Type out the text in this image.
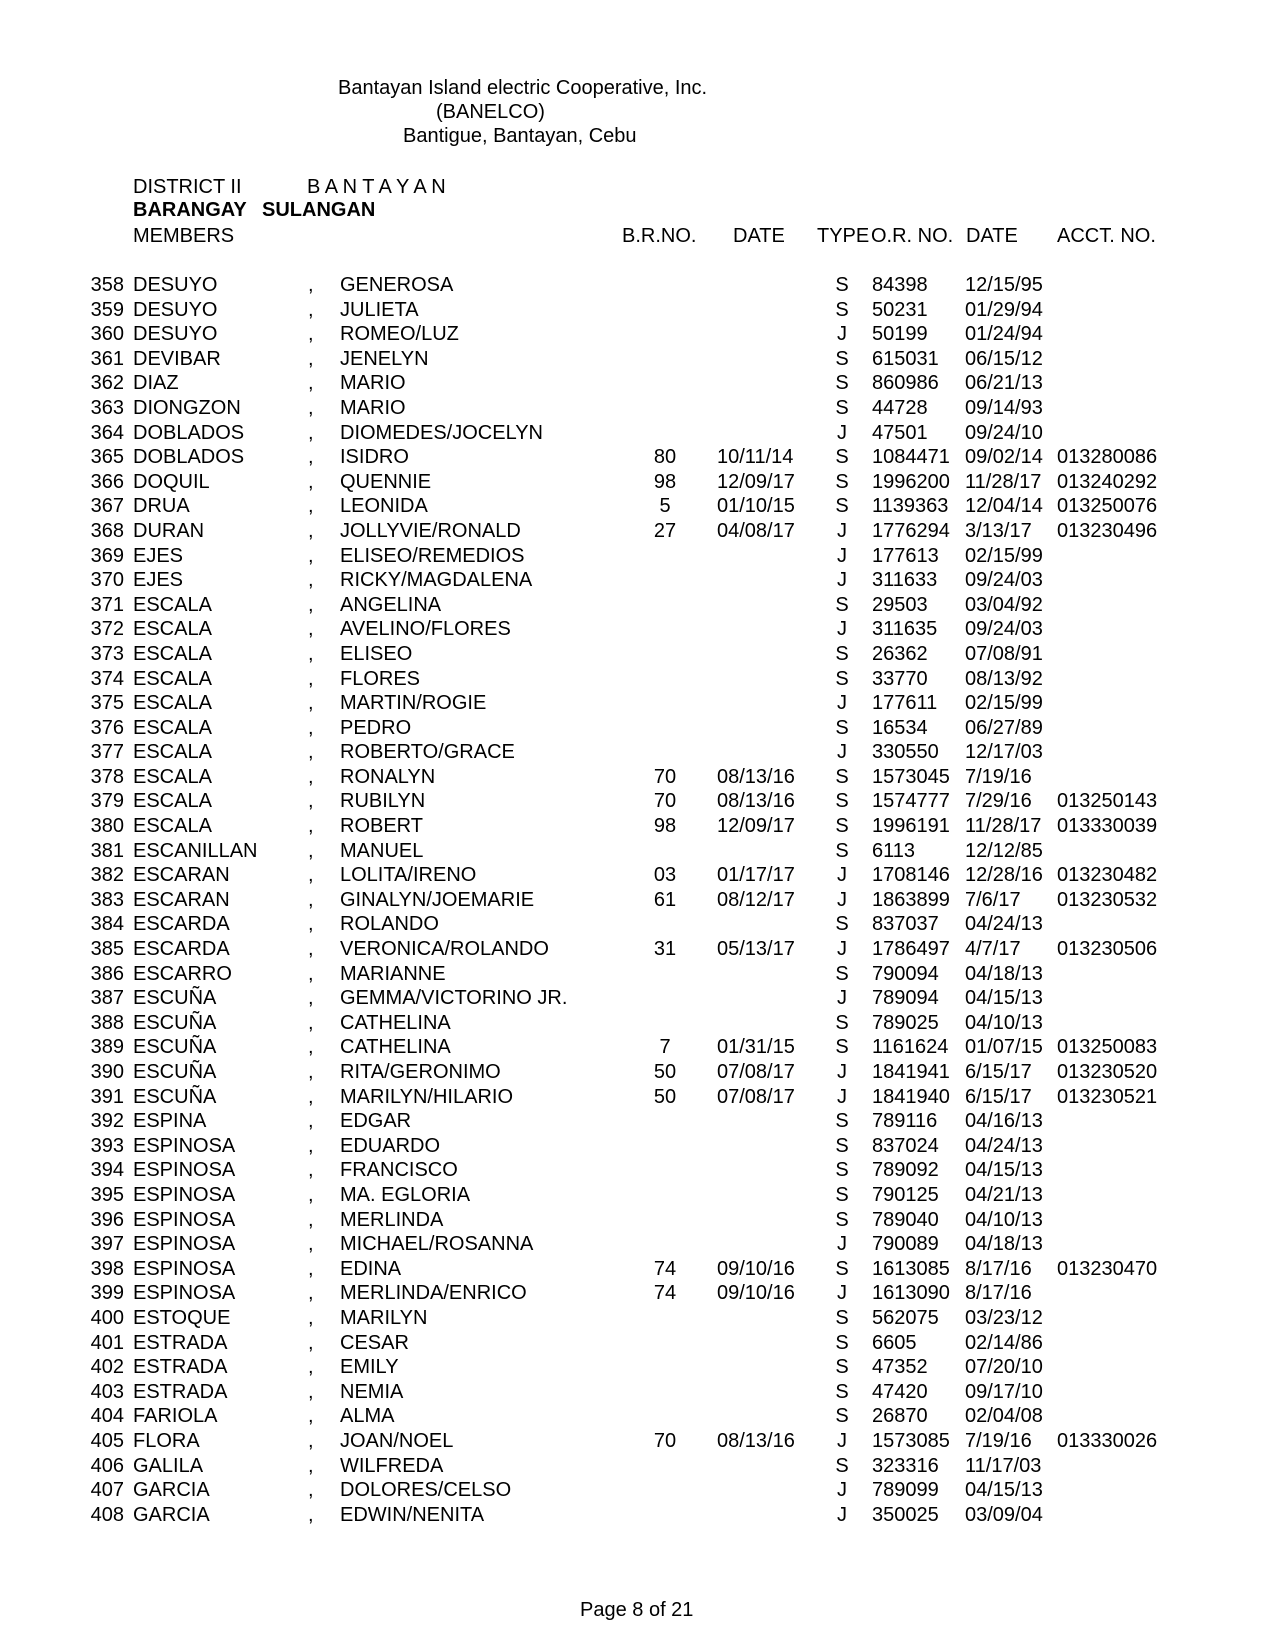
Bantayan Island electric Cooperative, Inc.
(BANELCO)
Bantigue, Bantayan, Cebu
DISTRICT II	B A N T A Y A N
BARANGAY SULANGAN
MEMBERS	B.R.NO. DATE TYPE O.R. NO. DATE ACCT. NO.
358 DESUYO	, GENEROSA	S 84398 12/15/95
359 DESUYO	, JULIETA	S 50231 01/29/94
360 DESUYO	, ROMEO/LUZ	J 50199 01/24/94
361 DEVIBAR	, JENELYN	S 615031 06/15/12
362 DIAZ	, MARIO	S 860986 06/21/13
363 DIONGZON	, MARIO	S 44728 09/14/93
364 DOBLADOS	, DIOMEDES/JOCELYN	J 47501 09/24/10
365 DOBLADOS	, ISIDRO	80	10/11/14 S 1084471 09/02/14 013280086
366 DOQUIL	, QUENNIE	98	12/09/17 S 1996200 11/28/17 013240292
367 DRUA	, LEONIDA	5	01/10/15 S 1139363 12/04/14 013250076
368 DURAN	, JOLLYVIE/RONALD	27	04/08/17 J 1776294 3/13/17 013230496
369 EJES	, ELISEO/REMEDIOS	J 177613 02/15/99
370 EJES	, RICKY/MAGDALENA	J 311633 09/24/03
371 ESCALA	, ANGELINA	S 29503 03/04/92
372 ESCALA	, AVELINO/FLORES	J 311635 09/24/03
373 ESCALA	, ELISEO	S 26362 07/08/91
374 ESCALA	, FLORES	S 33770 08/13/92
375 ESCALA	, MARTIN/ROGIE	J 177611 02/15/99
376 ESCALA	, PEDRO	S 16534 06/27/89
377 ESCALA	, ROBERTO/GRACE	J 330550 12/17/03
378 ESCALA	, RONALYN	70	08/13/16 S 1573045 7/19/16
379 ESCALA	, RUBILYN	70	08/13/16 S 1574777 7/29/16 013250143
380 ESCALA	, ROBERT	98	12/09/17 S 1996191 11/28/17 013330039
381 ESCANILLAN	, MANUEL	S 6113 12/12/85
382 ESCARAN	, LOLITA/IRENO	03	01/17/17 J 1708146 12/28/16 013230482
383 ESCARAN	, GINALYN/JOEMARIE	61	08/12/17 J 1863899 7/6/17 013230532
384 ESCARDA	, ROLANDO	S 837037 04/24/13
385 ESCARDA	, VERONICA/ROLANDO	31	05/13/17 J 1786497 4/7/17 013230506
386 ESCARRO	, MARIANNE	S 790094 04/18/13
387 ESCUÑA	, GEMMA/VICTORINO JR.	J 789094 04/15/13
388 ESCUÑA	, CATHELINA	S 789025 04/10/13
389 ESCUÑA	, CATHELINA	7	01/31/15 S 1161624 01/07/15 013250083
390 ESCUÑA	, RITA/GERONIMO	50	07/08/17 J 1841941 6/15/17 013230520
391 ESCUÑA	, MARILYN/HILARIO	50	07/08/17 J 1841940 6/15/17 013230521
392 ESPINA	, EDGAR	S 789116 04/16/13
393 ESPINOSA	, EDUARDO	S 837024 04/24/13
394 ESPINOSA	, FRANCISCO	S 789092 04/15/13
395 ESPINOSA	, MA. EGLORIA	S 790125 04/21/13
396 ESPINOSA	, MERLINDA	S 789040 04/10/13
397 ESPINOSA	, MICHAEL/ROSANNA	J 790089 04/18/13
398 ESPINOSA	, EDINA	74	09/10/16 S 1613085 8/17/16 013230470
399 ESPINOSA	, MERLINDA/ENRICO	74	09/10/16 J 1613090 8/17/16
400 ESTOQUE	, MARILYN	S 562075 03/23/12
401 ESTRADA	, CESAR	S 6605 02/14/86
402 ESTRADA	, EMILY	S 47352 07/20/10
403 ESTRADA	, NEMIA	S 47420 09/17/10
404 FARIOLA	, ALMA	S 26870 02/04/08
405 FLORA	, JOAN/NOEL	70	08/13/16 J 1573085 7/19/16 013330026
406 GALILA	, WILFREDA	S 323316 11/17/03
407 GARCIA	, DOLORES/CELSO	J 789099 04/15/13
408 GARCIA	, EDWIN/NENITA	J 350025 03/09/04
Page 8 of 21
